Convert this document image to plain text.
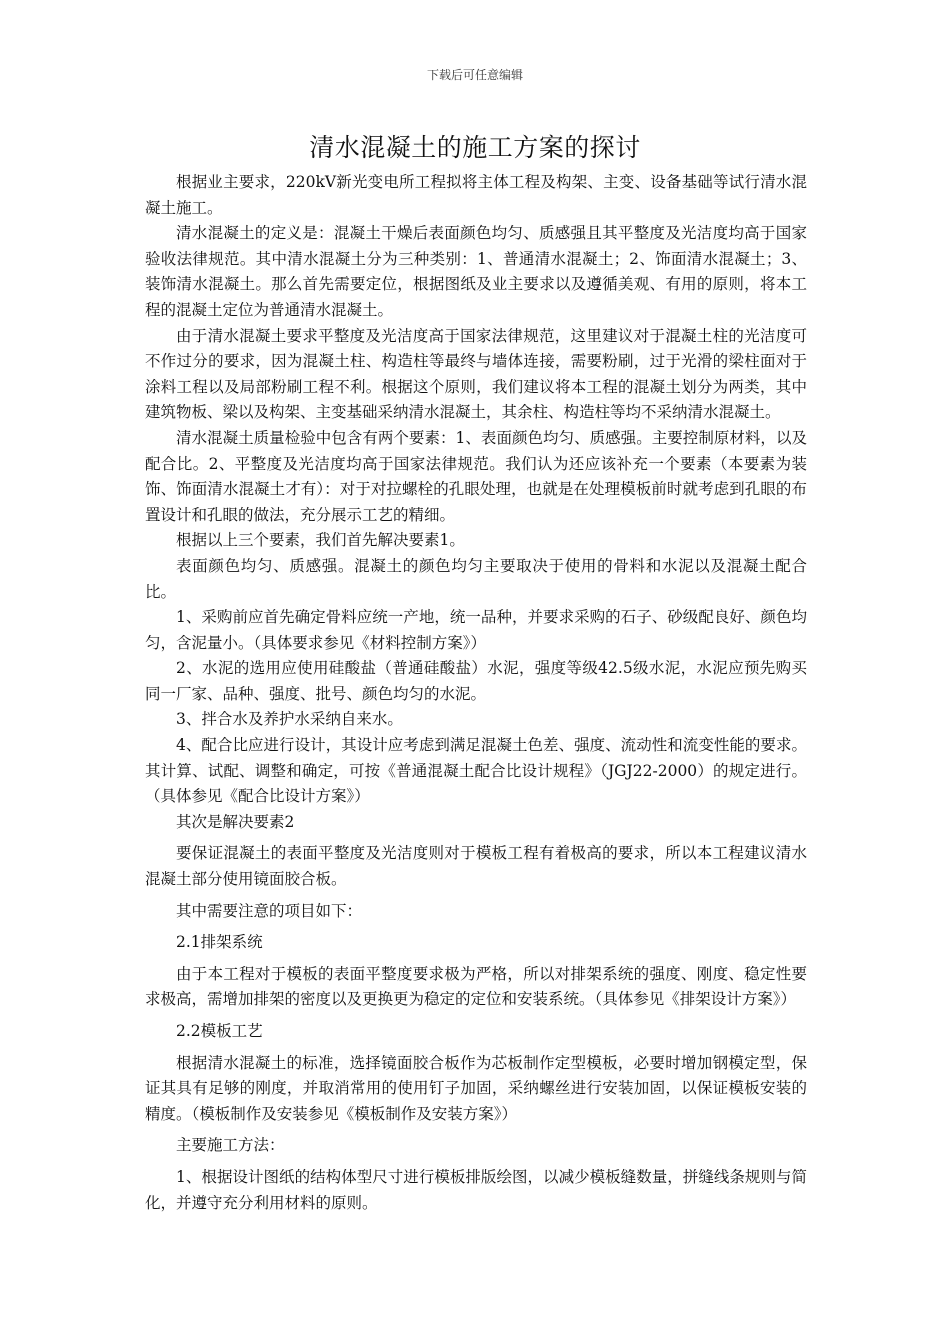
下载后可任意编辑
清水混凝土的施工方案的探讨

根据业主要求，220kV新光变电所工程拟将主体工程及构架、主变、设备基础等试行清水混凝土施工。

清水混凝土的定义是：混凝土干燥后表面颜色均匀、质感强且其平整度及光洁度均高于国家验收法律规范。其中清水混凝土分为三种类别：1、普通清水混凝土；2、饰面清水混凝土；3、装饰清水混凝土。那么首先需要定位，根据图纸及业主要求以及遵循美观、有用的原则，将本工程的混凝土定位为普通清水混凝土。

由于清水混凝土要求平整度及光洁度高于国家法律规范，这里建议对于混凝土柱的光洁度可不作过分的要求，因为混凝土柱、构造柱等最终与墙体连接，需要粉刷，过于光滑的梁柱面对于涂料工程以及局部粉刷工程不利。根据这个原则，我们建议将本工程的混凝土划分为两类，其中建筑物板、梁以及构架、主变基础采纳清水混凝土，其余柱、构造柱等均不采纳清水混凝土。

清水混凝土质量检验中包含有两个要素：1、表面颜色均匀、质感强。主要控制原材料，以及配合比。2、平整度及光洁度均高于国家法律规范。我们认为还应该补充一个要素（本要素为装饰、饰面清水混凝土才有）：对于对拉螺栓的孔眼处理，也就是在处理模板前时就考虑到孔眼的布置设计和孔眼的做法，充分展示工艺的精细。

根据以上三个要素，我们首先解决要素1。

表面颜色均匀、质感强。混凝土的颜色均匀主要取决于使用的骨料和水泥以及混凝土配合比。

1、采购前应首先确定骨料应统一产地，统一品种，并要求采购的石子、砂级配良好、颜色均匀，含泥量小。（具体要求参见《材料控制方案》）

2、水泥的选用应使用硅酸盐（普通硅酸盐）水泥，强度等级42.5级水泥，水泥应预先购买同一厂家、品种、强度、批号、颜色均匀的水泥。

3、拌合水及养护水采纳自来水。

4、配合比应进行设计，其设计应考虑到满足混凝土色差、强度、流动性和流变性能的要求。其计算、试配、调整和确定，可按《普通混凝土配合比设计规程》（JGJ22-2000）的规定进行。（具体参见《配合比设计方案》）

其次是解决要素2

要保证混凝土的表面平整度及光洁度则对于模板工程有着极高的要求，所以本工程建议清水混凝土部分使用镜面胶合板。

其中需要注意的项目如下：

2.1排架系统

由于本工程对于模板的表面平整度要求极为严格，所以对排架系统的强度、刚度、稳定性要求极高，需增加排架的密度以及更换更为稳定的定位和安装系统。（具体参见《排架设计方案》）

2.2模板工艺

根据清水混凝土的标准，选择镜面胶合板作为芯板制作定型模板，必要时增加钢模定型，保证其具有足够的刚度，并取消常用的使用钉子加固，采纳螺丝进行安装加固，以保证模板安装的精度。（模板制作及安装参见《模板制作及安装方案》）

主要施工方法：

1、根据设计图纸的结构体型尺寸进行模板排版绘图，以减少模板缝数量，拼缝线条规则与简化，并遵守充分利用材料的原则。
